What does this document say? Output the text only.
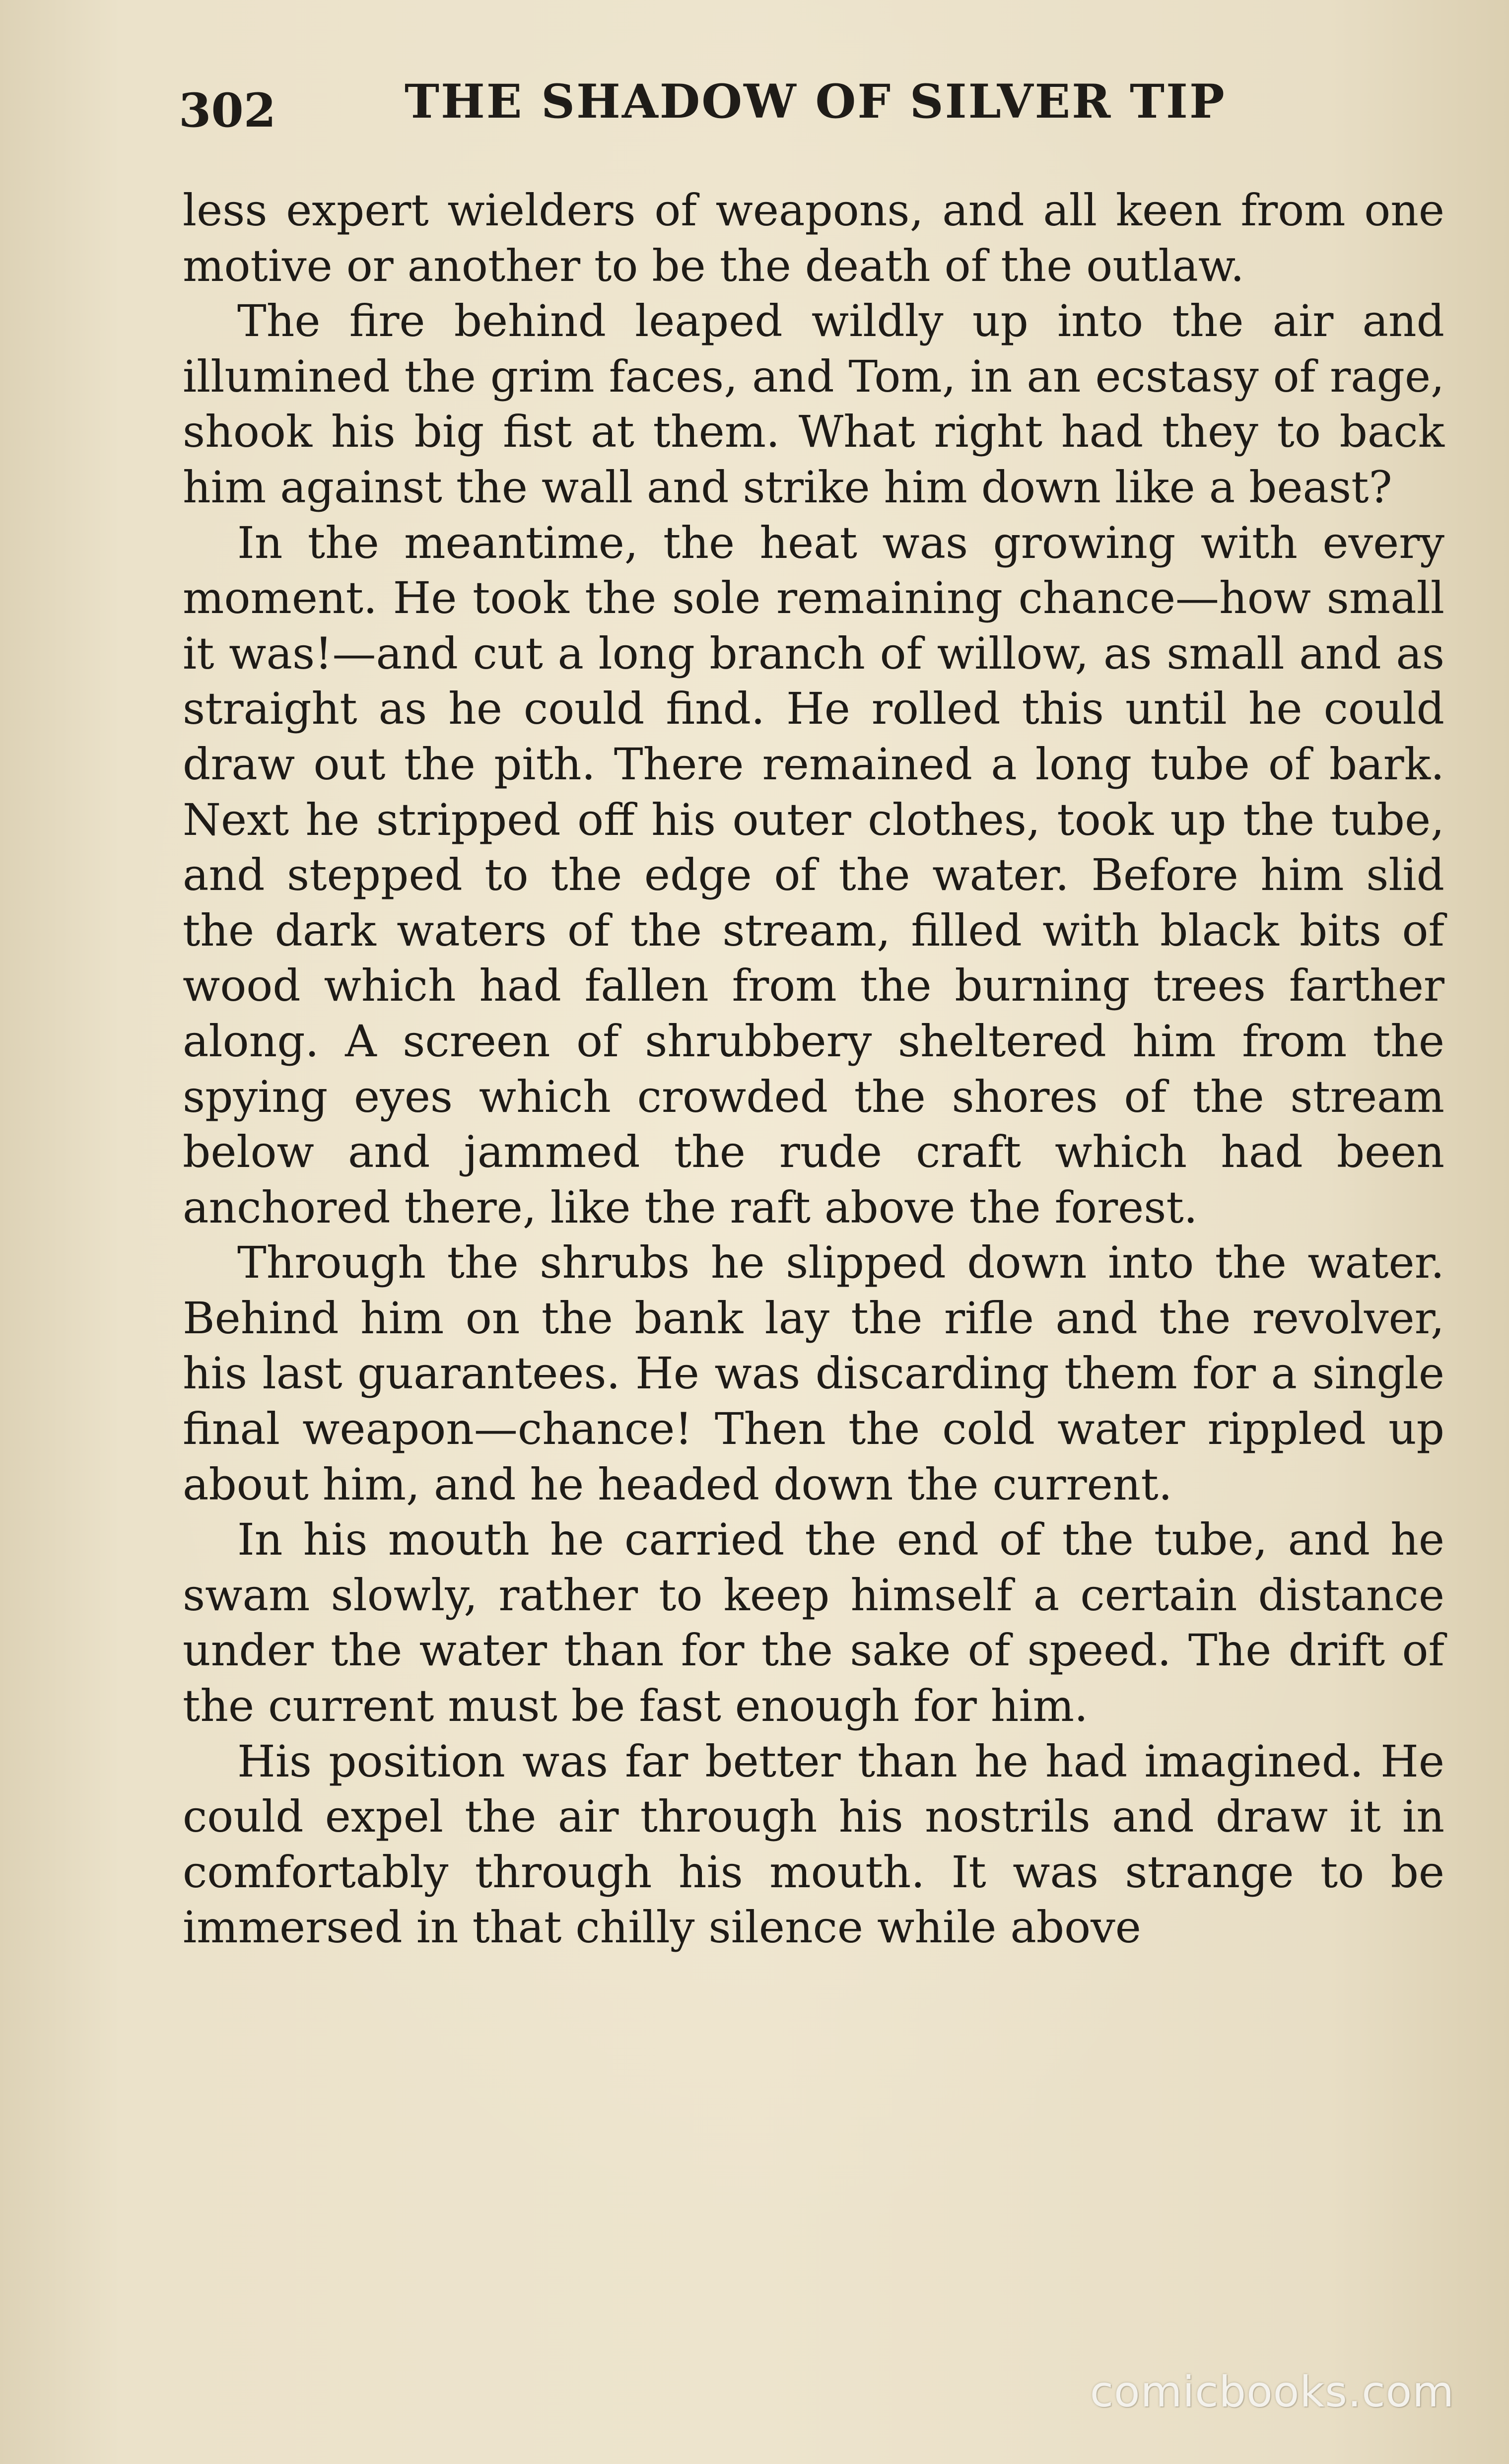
302	THE SHADOW OF SILVER TIP

less expert wielders of weapons, and all keen from one motive or another to be the death of the outlaw.

The fire behind leaped wildly up into the air and illumined the grim faces, and Tom, in an ecstasy of rage, shook his big fist at them. What right had they to back him against the wall and strike him down like a beast?

In the meantime, the heat was growing with every moment. He took the sole remaining chance—how small it was!—and cut a long branch of willow, as small and as straight as he could find. He rolled this until he could draw out the pith. There remained a long tube of bark. Next he stripped off his outer clothes, took up the tube, and stepped to the edge of the water. Before him slid the dark waters of the stream, filled with black bits of wood which had fallen from the burning trees farther along. A screen of shrubbery sheltered him from the spying eyes which crowded the shores of the stream below and jammed the rude craft which had been anchored there, like the raft above the forest.

Through the shrubs he slipped down into the water. Behind him on the bank lay the rifle and the revolver, his last guarantees. He was discarding them for a single final weapon—chance! Then the cold water rippled up about him, and he headed down the current.

In his mouth he carried the end of the tube, and he swam slowly, rather to keep himself a certain distance under the water than for the sake of speed. The drift of the current must be fast enough for him.

His position was far better than he had imagined. He could expel the air through his nostrils and draw it in comfortably through his mouth. It was strange to be immersed in that chilly silence while above

comicbooks.com
